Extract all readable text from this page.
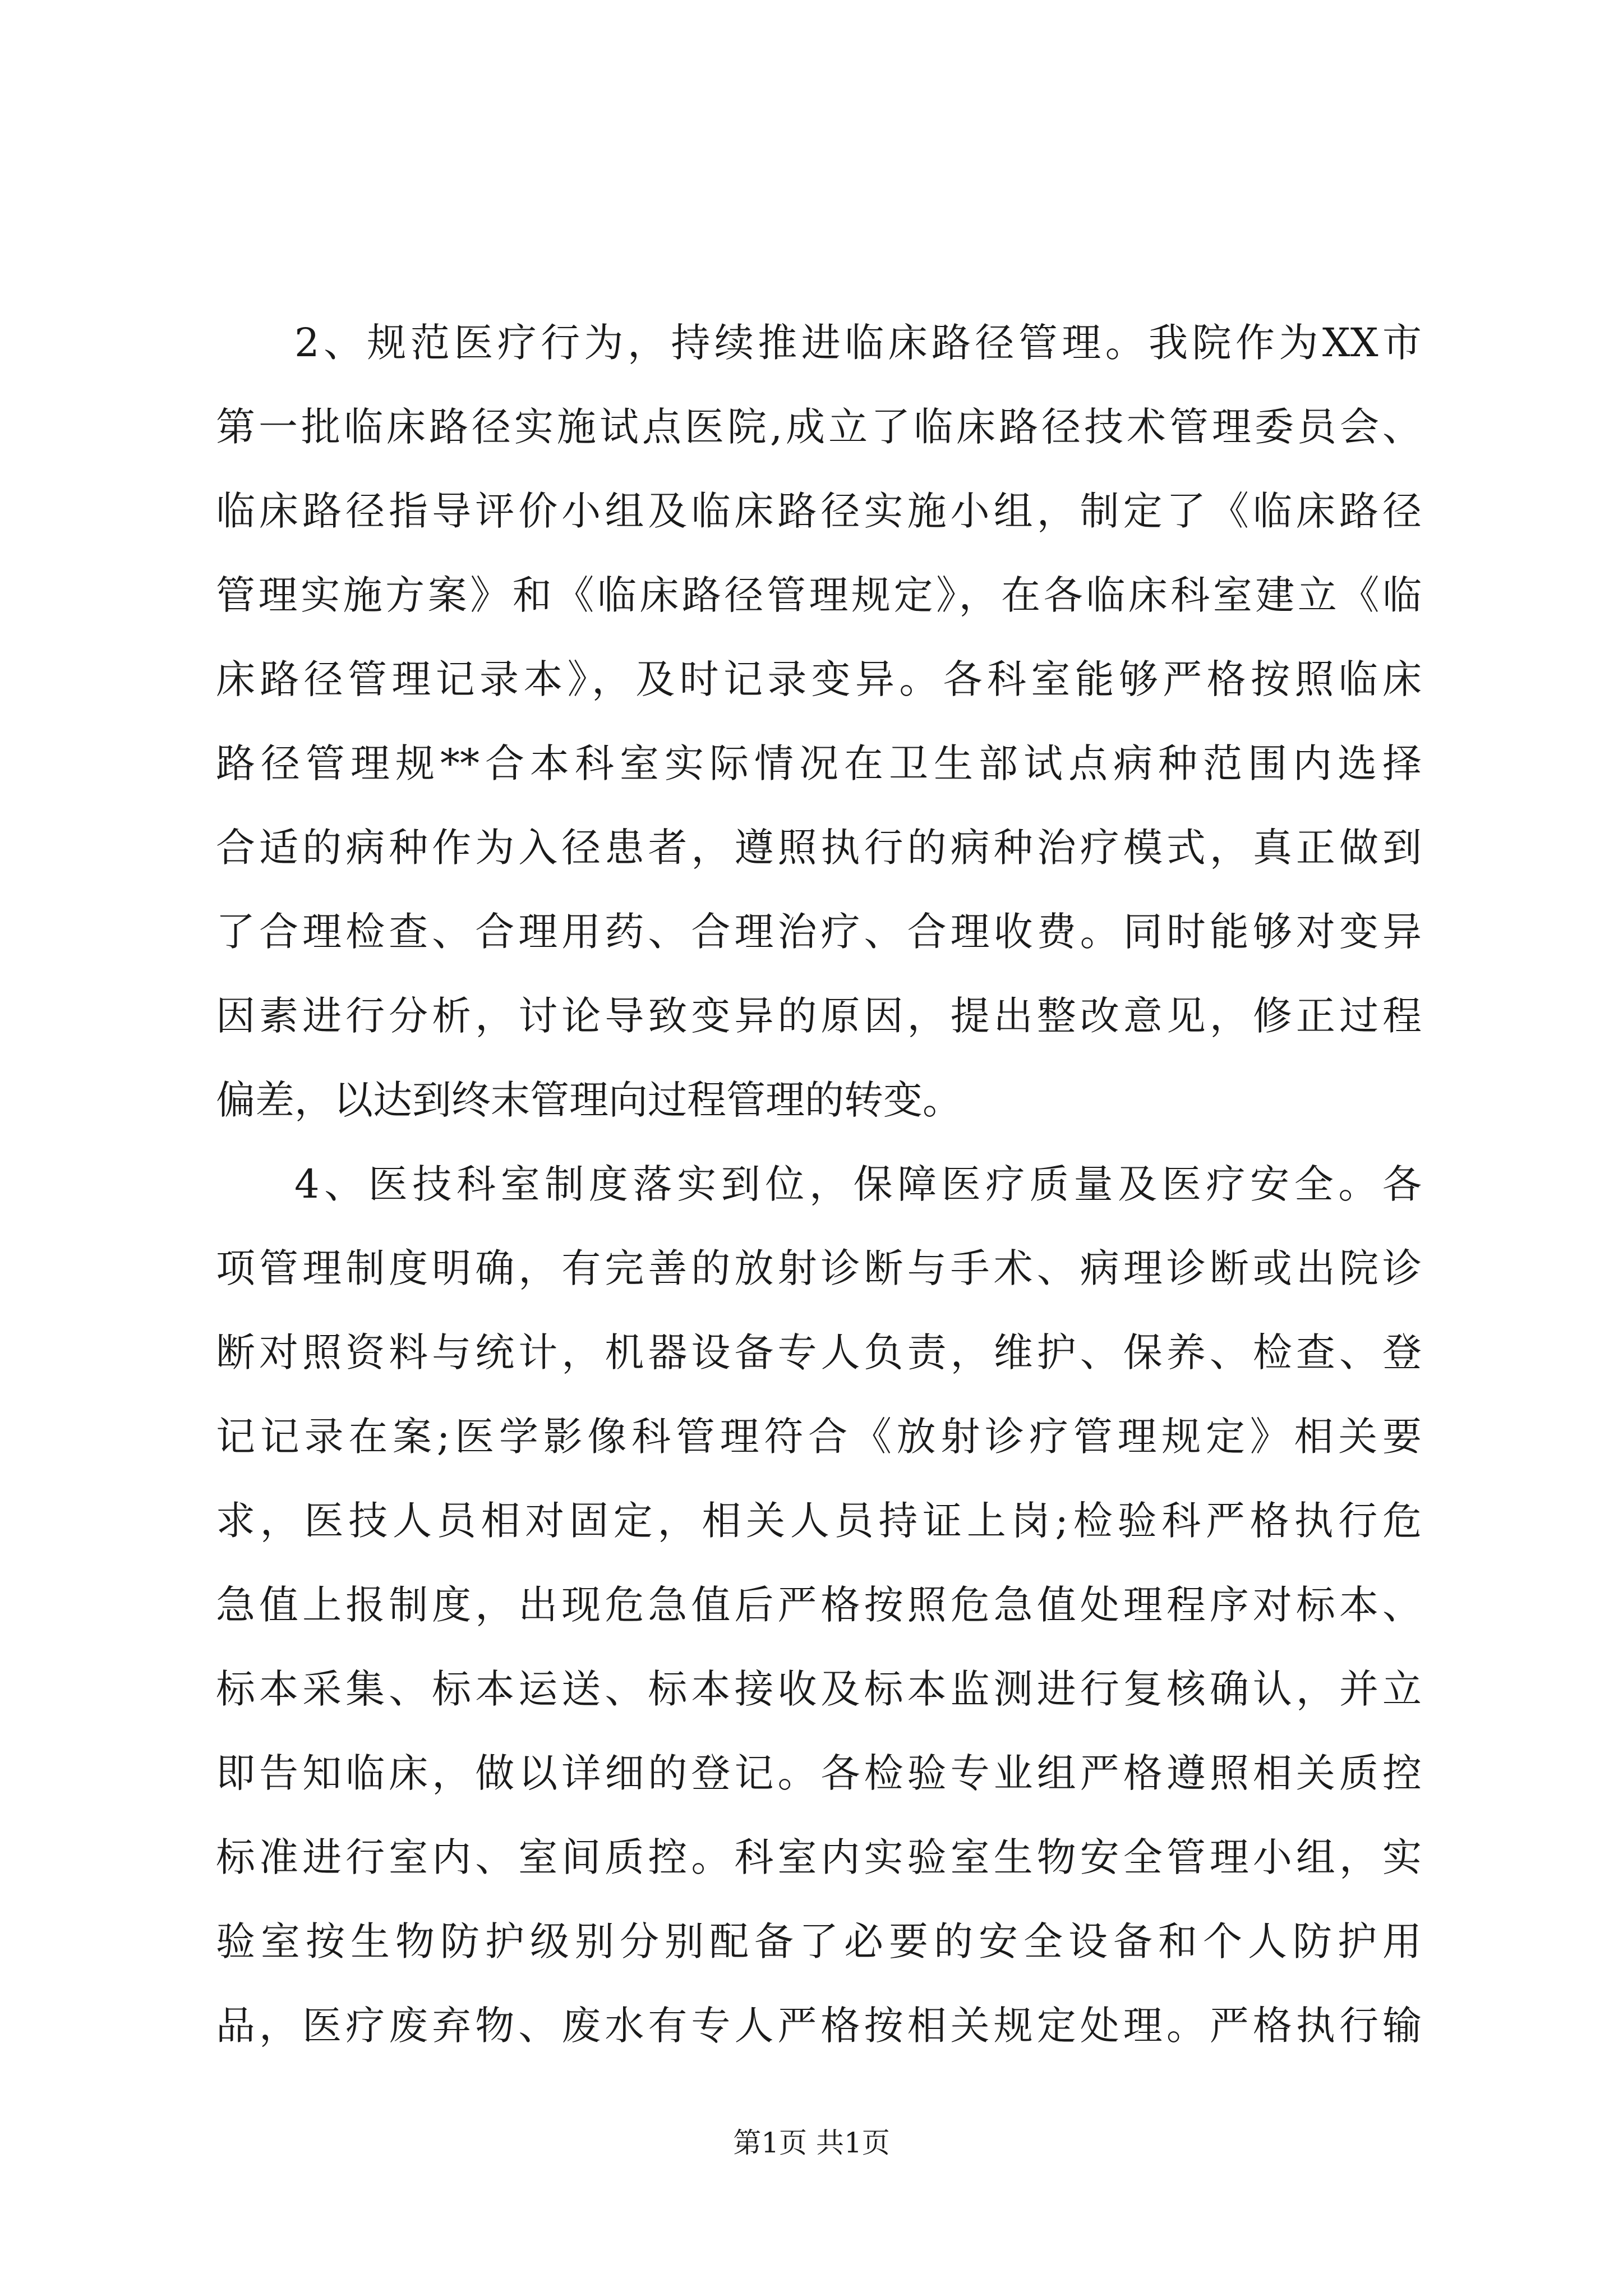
2、规范医疗行为，持续推进临床路径管理。我院作为XX市
第一批临床路径实施试点医院,成立了临床路径技术管理委员会、
临床路径指导评价小组及临床路径实施小组，制定了《临床路径
管理实施方案》和《临床路径管理规定》，在各临床科室建立《临
床路径管理记录本》，及时记录变异。各科室能够严格按照临床
路径管理规**合本科室实际情况在卫生部试点病种范围内选择
合适的病种作为入径患者，遵照执行的病种治疗模式，真正做到
了合理检查、合理用药、合理治疗、合理收费。同时能够对变异
因素进行分析，讨论导致变异的原因，提出整改意见，修正过程
偏差，以达到终末管理向过程管理的转变。
4、医技科室制度落实到位，保障医疗质量及医疗安全。各
项管理制度明确，有完善的放射诊断与手术、病理诊断或出院诊
断对照资料与统计，机器设备专人负责，维护、保养、检查、登
记记录在案;医学影像科管理符合《放射诊疗管理规定》相关要
求，医技人员相对固定，相关人员持证上岗;检验科严格执行危
急值上报制度，出现危急值后严格按照危急值处理程序对标本、
标本采集、标本运送、标本接收及标本监测进行复核确认，并立
即告知临床，做以详细的登记。各检验专业组严格遵照相关质控
标准进行室内、室间质控。科室内实验室生物安全管理小组，实
验室按生物防护级别分别配备了必要的安全设备和个人防护用
品，医疗废弃物、废水有专人严格按相关规定处理。严格执行输
第1页 共1页
